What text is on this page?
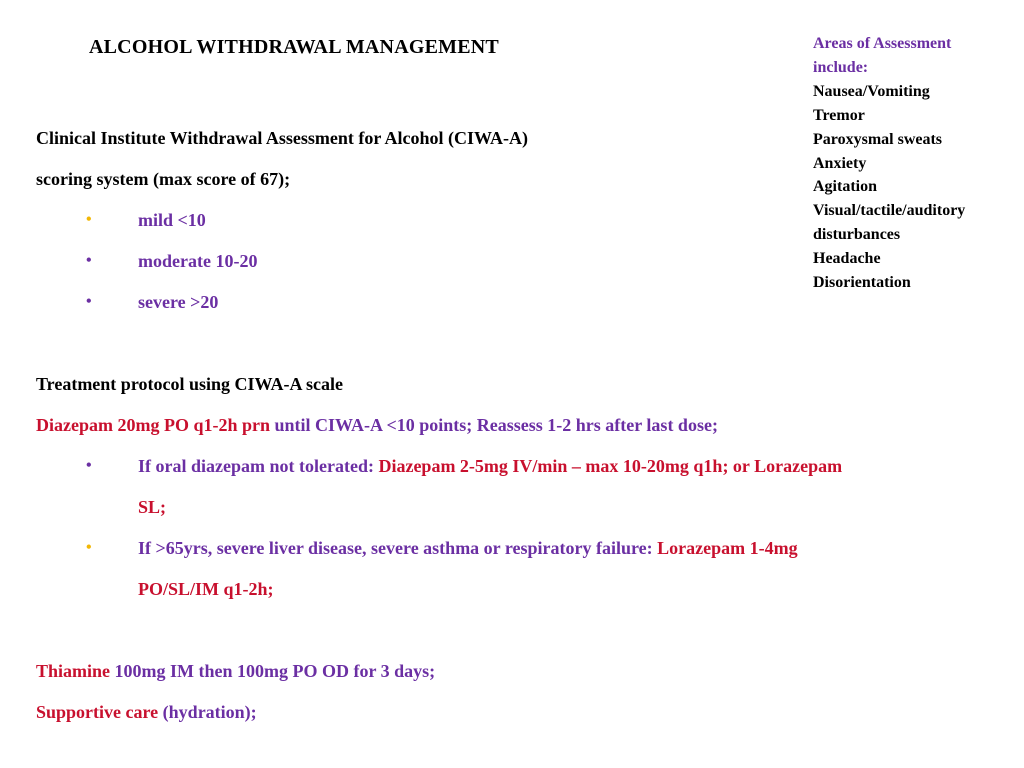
ALCOHOL WITHDRAWAL MANAGEMENT
Clinical Institute Withdrawal Assessment for Alcohol (CIWA-A)
scoring system (max score of 67);
•	mild <10
•	moderate 10-20
•	severe >20
Treatment protocol using CIWA-A scale
Diazepam 20mg PO q1-2h prn until CIWA-A <10 points; Reassess 1-2 hrs after last dose;
•	If oral diazepam not tolerated: Diazepam 2-5mg IV/min – max 10-20mg q1h; or Lorazepam
SL;
•	If >65yrs, severe liver disease, severe asthma or respiratory failure: Lorazepam 1-4mg
PO/SL/IM q1-2h;
Thiamine 100mg IM then 100mg PO OD for 3 days;
Supportive care (hydration);
Areas of Assessment
include:
Nausea/Vomiting
Tremor
Paroxysmal sweats
Anxiety
Agitation
Visual/tactile/auditory
disturbances
Headache
Disorientation
